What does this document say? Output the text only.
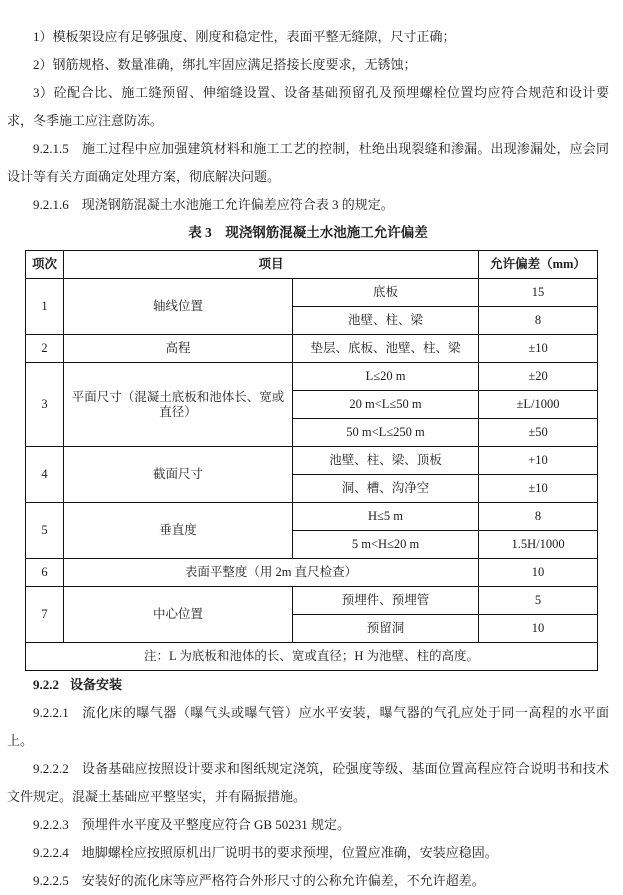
1）模板架设应有足够强度、刚度和稳定性，表面平整无缝隙，尺寸正确；

2）钢筋规格、数量准确，绑扎牢固应满足搭接长度要求，无锈蚀；

3）砼配合比、施工缝预留、伸缩缝设置、设备基础预留孔及预埋螺栓位置均应符合规范和设计要求，冬季施工应注意防冻。

9.2.1.5 施工过程中应加强建筑材料和施工工艺的控制，杜绝出现裂缝和渗漏。出现渗漏处，应会同设计等有关方面确定处理方案，彻底解决问题。

9.2.1.6 现浇钢筋混凝土水池施工允许偏差应符合表 3 的规定。

表 3　现浇钢筋混凝土水池施工允许偏差

项次	项目		允许偏差（mm）
1	轴线位置	底板	15
		池壁、柱、梁	8
2	高程	垫层、底板、池壁、柱、梁	±10
3	平面尺寸（混凝土底板和池体长、宽或直径）	L≤20 m	±20
		20 m<L≤50 m	±L/1000
		50 m<L≤250 m	±50
4	截面尺寸	池壁、柱、梁、顶板	+10
		洞、槽、沟净空	±10
5	垂直度	H≤5 m	8
		5 m<H≤20 m	1.5H/1000
6	表面平整度（用 2m 直尺检查）		10
7	中心位置	预埋件、预埋管	5
		预留洞	10
注：L 为底板和池体的长、宽或直径；H 为池壁、柱的高度。			

9.2.2 设备安装

9.2.2.1 流化床的曝气器（曝气头或曝气管）应水平安装，曝气器的气孔应处于同一高程的水平面上。

9.2.2.2 设备基础应按照设计要求和图纸规定浇筑，砼强度等级、基面位置高程应符合说明书和技术文件规定。混凝土基础应平整坚实，并有隔振措施。

9.2.2.3 预埋件水平度及平整度应符合 GB 50231 规定。

9.2.2.4 地脚螺栓应按照原机出厂说明书的要求预埋，位置应准确，安装应稳固。

9.2.2.5 安装好的流化床等应严格符合外形尺寸的公称允许偏差，不允许超差。
